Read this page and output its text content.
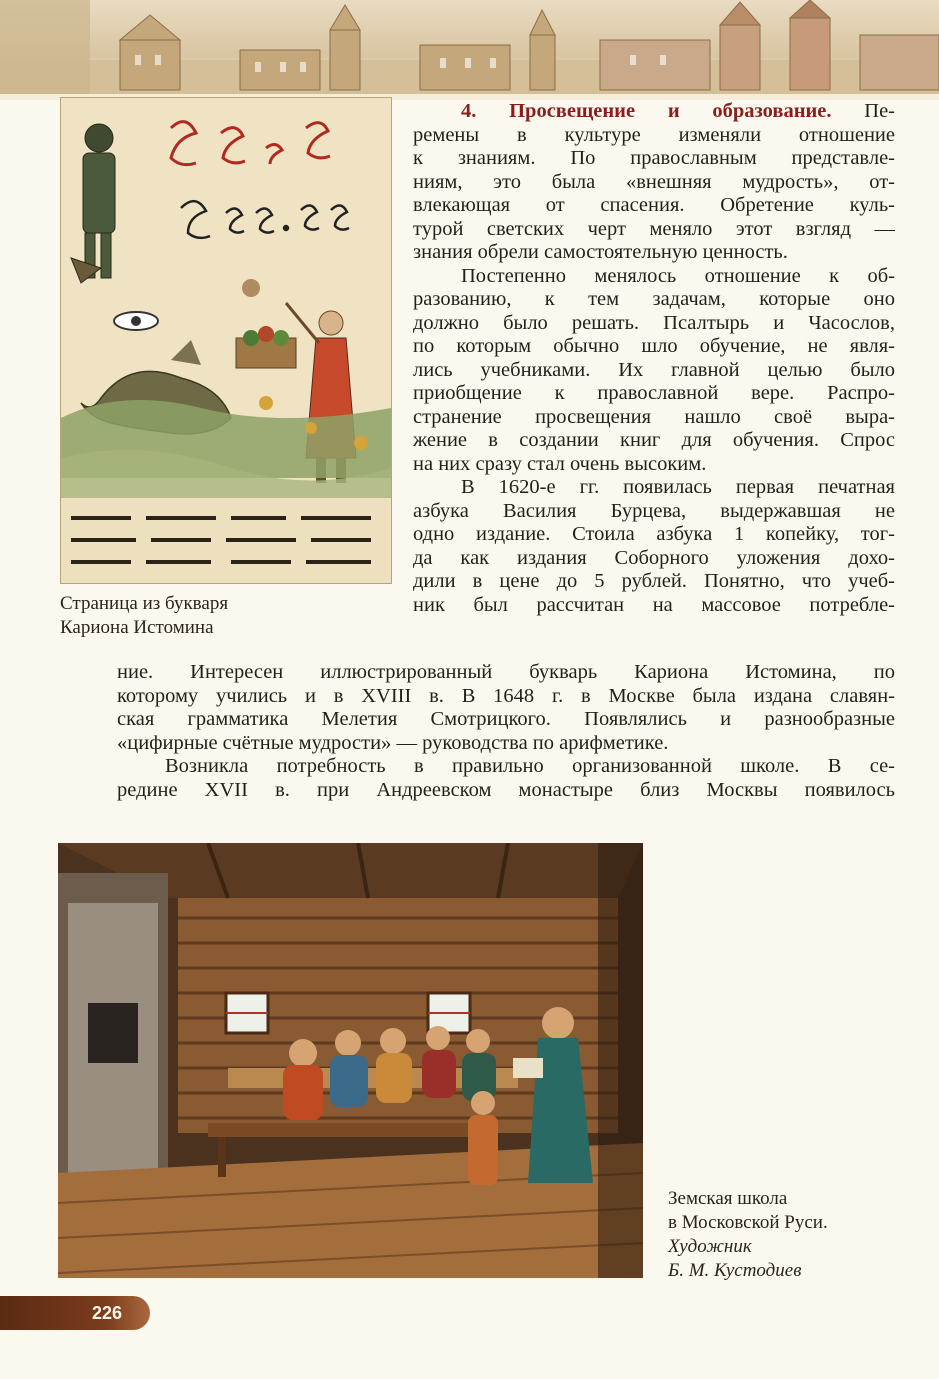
Страница из букваря
Кариона Истомина
4. Просвещение и образование. Пе-
ремены в культуре изменяли отношение
к знаниям. По православным представле-
ниям, это была «внешняя мудрость», от-
влекающая от спасения. Обретение куль-
турой светских черт меняло этот взгляд —
знания обрели самостоятельную ценность.
Постепенно менялось отношение к об-
разованию, к тем задачам, которые оно
должно было решать. Псалтырь и Часослов,
по которым обычно шло обучение, не явля-
лись учебниками. Их главной целью было
приобщение к православной вере. Распро-
странение просвещения нашло своё выра-
жение в создании книг для обучения. Спрос
на них сразу стал очень высоким.
В 1620-е гг. появилась первая печатная
азбука Василия Бурцева, выдержавшая не
одно издание. Стоила азбука 1 копейку, тог-
да как издания Соборного уложения дохо-
дили в цене до 5 рублей. Понятно, что учеб-
ник был рассчитан на массовое потребле-
ние. Интересен иллюстрированный букварь Кариона Истомина, по
которому учились и в XVIII в. В 1648 г. в Москве была издана славян-
ская грамматика Мелетия Смотрицкого. Появлялись и разнообразные
«цифирные счётные мудрости» — руководства по арифметике.
Возникла потребность в правильно организованной школе. В се-
редине XVII в. при Андреевском монастыре близ Москвы появилось
Земская школа
в Московской Руси.
Художник
Б. М. Кустодиев
226
